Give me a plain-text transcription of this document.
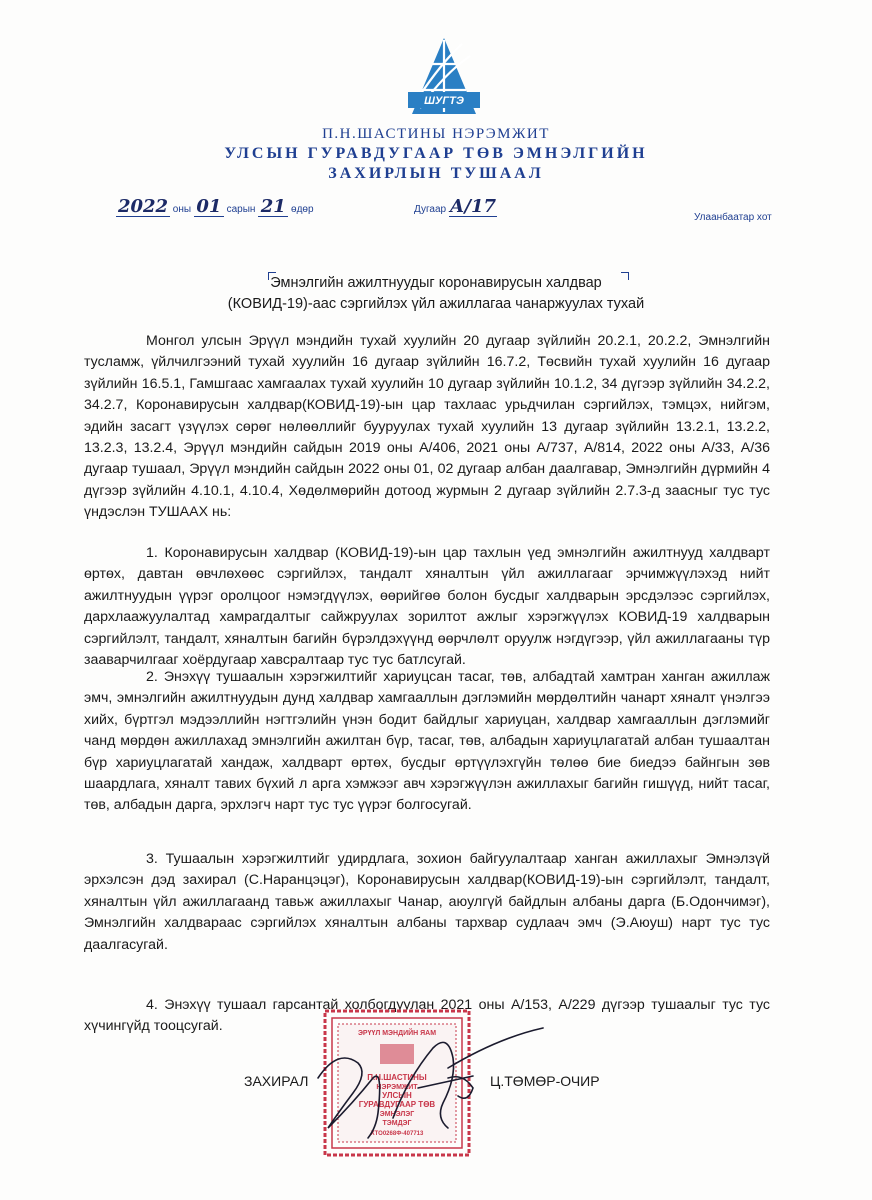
ШУГТЭ
П.Н.ШАСТИНЫ НЭРЭМЖИТ
УЛСЫН ГУРАВДУГААР ТӨВ ЭМНЭЛГИЙН
ЗАХИРЛЫН ТУШААЛ
2022 оны 01 сарын 21 өдөр	Дугаар А/17
Улаанбаатар хот
Эмнэлгийн ажилтнуудыг коронавирусын халдвар
(КОВИД-19)-аас сэргийлэх үйл ажиллагаа чанаржуулах тухай
Монгол улсын Эрүүл мэндийн тухай хуулийн 20 дугаар зүйлийн 20.2.1, 20.2.2, Эмнэлгийн тусламж, үйлчилгээний тухай хуулийн 16 дугаар зүйлийн 16.7.2, Төсвийн тухай хуулийн 16 дугаар зүйлийн 16.5.1, Гамшгаас хамгаалах тухай хуулийн 10 дугаар зүйлийн 10.1.2, 34 дүгээр зүйлийн 34.2.2, 34.2.7, Коронавирусын халдвар(КОВИД-19)-ын цар тахлаас урьдчилан сэргийлэх, тэмцэх, нийгэм, эдийн засагт үзүүлэх сөрөг нөлөөллийг бууруулах тухай хуулийн 13 дугаар зүйлийн 13.2.1, 13.2.2, 13.2.3, 13.2.4, Эрүүл мэндийн сайдын 2019 оны А/406, 2021 оны А/737, А/814, 2022 оны А/33, А/36 дугаар тушаал, Эрүүл мэндийн сайдын 2022 оны 01, 02 дугаар албан даалгавар, Эмнэлгийн дүрмийн 4 дүгээр зүйлийн 4.10.1, 4.10.4, Хөдөлмөрийн дотоод журмын 2 дугаар зүйлийн 2.7.3-д заасныг тус тус үндэслэн ТУШААХ нь:
1. Коронавирусын халдвар (КОВИД-19)-ын цар тахлын үед эмнэлгийн ажилтнууд халдварт өртөх, давтан өвчлөхөөс сэргийлэх, тандалт хяналтын үйл ажиллагааг эрчимжүүлэхэд нийт ажилтнуудын үүрэг оролцоог нэмэгдүүлэх, өөрийгөө болон бусдыг халдварын эрсдэлээс сэргийлэх, дархлаажуулалтад хамрагдалтыг сайжруулах зорилтот ажлыг хэрэгжүүлэх КОВИД-19 халдварын сэргийлэлт, тандалт, хяналтын багийн бүрэлдэхүүнд өөрчлөлт оруулж нэгдүгээр, үйл ажиллагааны түр зааварчилгааг хоёрдугаар хавсралтаар тус тус батлсугай.
2. Энэхүү тушаалын хэрэгжилтийг хариуцсан тасаг, төв, албадтай хамтран ханган ажиллаж эмч, эмнэлгийн ажилтнуудын дунд халдвар хамгааллын дэглэмийн мөрдөлтийн чанарт хяналт үнэлгээ хийх, бүртгэл мэдээллийн нэгтгэлийн үнэн бодит байдлыг хариуцан, халдвар хамгааллын дэглэмийг чанд мөрдөн ажиллахад эмнэлгийн ажилтан бүр, тасаг, төв, албадын хариуцлагатай албан тушаалтан бүр хариуцлагатай хандаж, халдварт өртөх, бусдыг өртүүлэхгүйн төлөө бие биедээ байнгын зөв шаардлага, хяналт тавих бүхий л арга хэмжээг авч хэрэгжүүлэн ажиллахыг багийн гишүүд, нийт тасаг, төв, албадын дарга, эрхлэгч нарт тус тус үүрэг болгосугай.
3. Тушаалын хэрэгжилтийг удирдлага, зохион байгуулалтаар ханган ажиллахыг Эмнэлзүй эрхэлсэн дэд захирал (С.Наранцэцэг), Коронавирусын халдвар(КОВИД-19)-ын сэргийлэлт, тандалт, хяналтын үйл ажиллагаанд тавьж ажиллахыг Чанар, аюулгүй байдлын албаны дарга (Б.Одончимэг), Эмнэлгийн халдвараас сэргийлэх хяналтын албаны тархвар судлаач эмч (Э.Аюуш) нарт тус тус даалгасугай.
4. Энэхүү тушаал гарсантай холбогдуулан 2021 оны А/153, А/229 дүгээр тушаалыг тус тус хүчингүйд тооцсугай.	ЭРҮҮЛ МЭНДИЙН ЯАМ
П.Н.ШАСТИНЫ
НЭРЭМЖИТ
УЛСЫН
ГУРАВДУГААР ТӨВ
ЭМНЭЛЭГ
ТЭМДЭГ
ХТО0268Ф-407713
ЗАХИРАЛ	Ц.ТӨМӨР-ОЧИР
